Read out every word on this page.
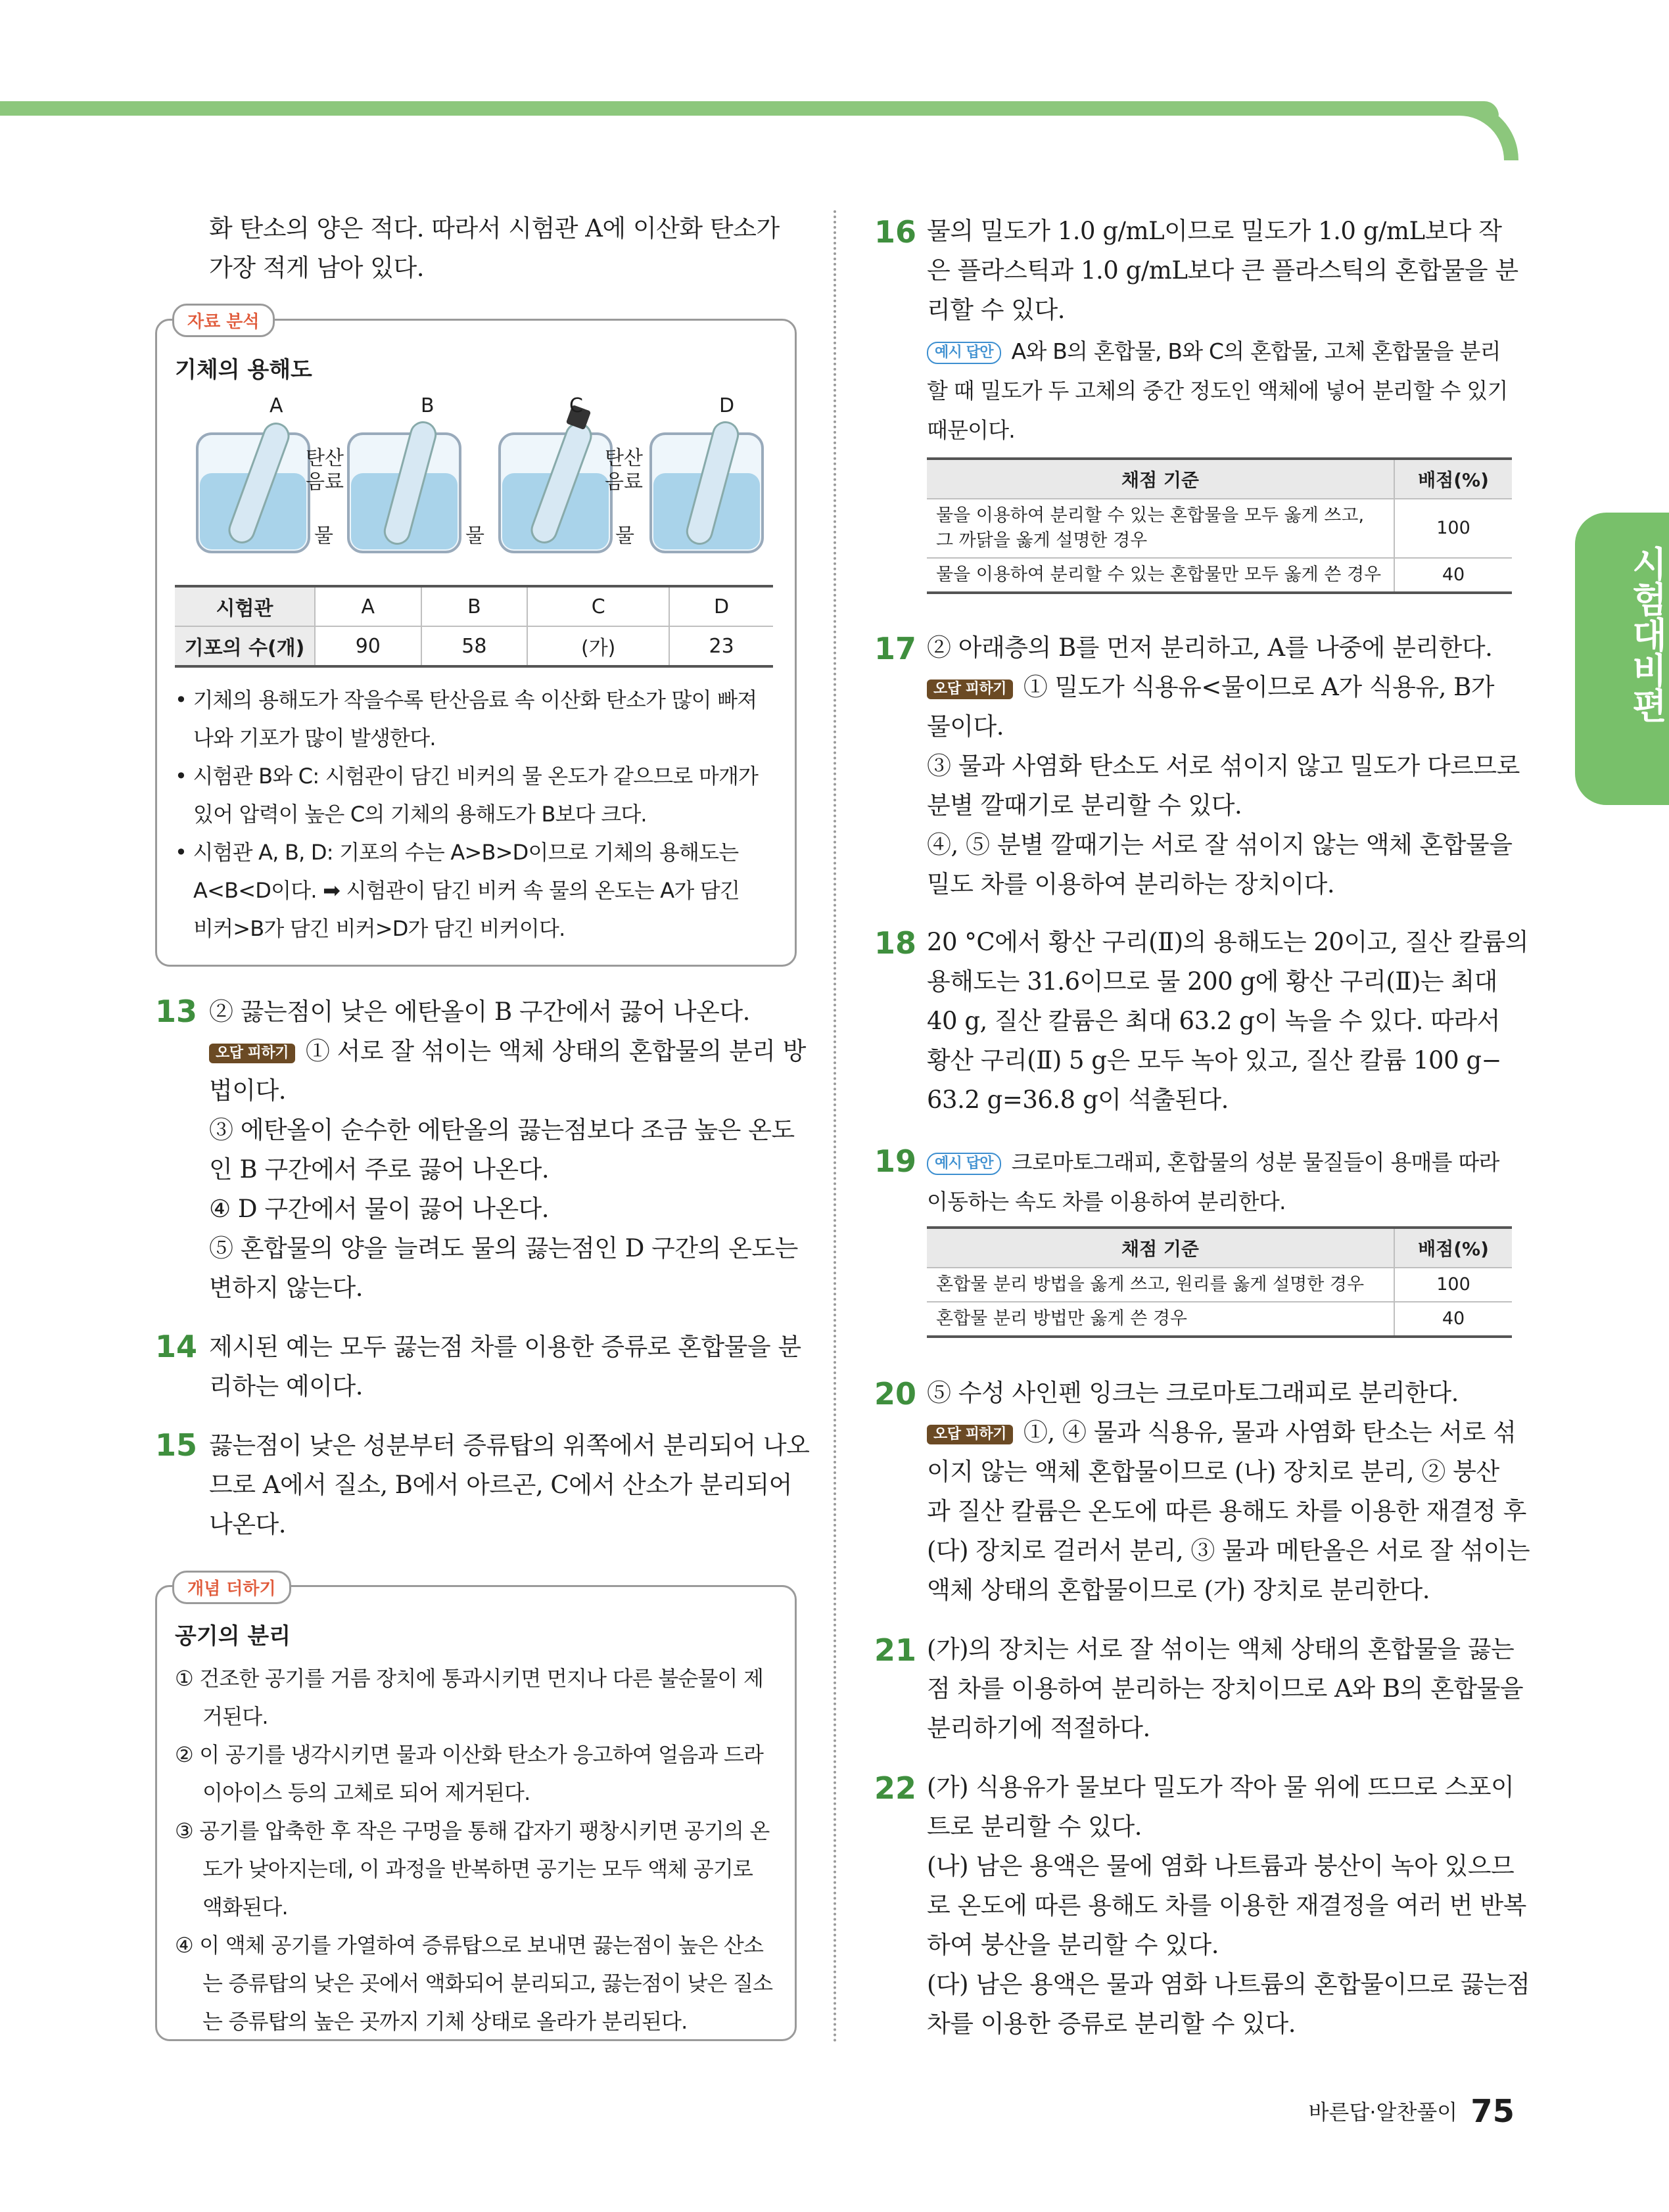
시험대비편
화 탄소의 양은 적다. 따라서 시험관 A에 이산화 탄소가
가장 적게 남아 있다.
자료 분석
기체의 용해도
A	B	C	D
탄산
음료
탄산
음료
물	물	물
시험관	A	B	C	D
기포의 수(개)	90	58	(가)	23
• 기체의 용해도가 작을수록 탄산음료 속 이산화 탄소가 많이 빠져
나와 기포가 많이 발생한다.
• 시험관 B와 C: 시험관이 담긴 비커의 물 온도가 같으므로 마개가
있어 압력이 높은 C의 기체의 용해도가 B보다 크다.
• 시험관 A, B, D: 기포의 수는 A>B>D이므로 기체의 용해도는
A<B<D이다. ➡ 시험관이 담긴 비커 속 물의 온도는 A가 담긴
비커>B가 담긴 비커>D가 담긴 비커이다.
13 ② 끓는점이 낮은 에탄올이 B 구간에서 끓어 나온다.
오답 피하기 ① 서로 잘 섞이는 액체 상태의 혼합물의 분리 방
법이다.
③ 에탄올이 순수한 에탄올의 끓는점보다 조금 높은 온도
인 B 구간에서 주로 끓어 나온다.
④ D 구간에서 물이 끓어 나온다.
⑤ 혼합물의 양을 늘려도 물의 끓는점인 D 구간의 온도는
변하지 않는다.
14 제시된 예는 모두 끓는점 차를 이용한 증류로 혼합물을 분
리하는 예이다.
15 끓는점이 낮은 성분부터 증류탑의 위쪽에서 분리되어 나오
므로 A에서 질소, B에서 아르곤, C에서 산소가 분리되어
나온다.
개념 더하기
공기의 분리
① 건조한 공기를 거름 장치에 통과시키면 먼지나 다른 불순물이 제
거된다.
② 이 공기를 냉각시키면 물과 이산화 탄소가 응고하여 얼음과 드라
이아이스 등의 고체로 되어 제거된다.
③ 공기를 압축한 후 작은 구멍을 통해 갑자기 팽창시키면 공기의 온
도가 낮아지는데, 이 과정을 반복하면 공기는 모두 액체 공기로
액화된다.
④ 이 액체 공기를 가열하여 증류탑으로 보내면 끓는점이 높은 산소
는 증류탑의 낮은 곳에서 액화되어 분리되고, 끓는점이 낮은 질소
는 증류탑의 높은 곳까지 기체 상태로 올라가 분리된다.
16 물의 밀도가 1.0 g/mL이므로 밀도가 1.0 g/mL보다 작
은 플라스틱과 1.0 g/mL보다 큰 플라스틱의 혼합물을 분
리할 수 있다.
예시 답안 A와 B의 혼합물, B와 C의 혼합물, 고체 혼합물을 분리
할 때 밀도가 두 고체의 중간 정도인 액체에 넣어 분리할 수 있기
때문이다.
채점 기준	배점(%)
물을 이용하여 분리할 수 있는 혼합물을 모두 옳게 쓰고, 그 까닭을 옳게 설명한 경우	100
물을 이용하여 분리할 수 있는 혼합물만 모두 옳게 쓴 경우	40
17 ② 아래층의 B를 먼저 분리하고, A를 나중에 분리한다.
오답 피하기 ① 밀도가 식용유<물이므로 A가 식용유, B가
물이다.
③ 물과 사염화 탄소도 서로 섞이지 않고 밀도가 다르므로
분별 깔때기로 분리할 수 있다.
④, ⑤ 분별 깔때기는 서로 잘 섞이지 않는 액체 혼합물을
밀도 차를 이용하여 분리하는 장치이다.
18 20 °C에서 황산 구리(Ⅱ)의 용해도는 20이고, 질산 칼륨의
용해도는 31.6이므로 물 200 g에 황산 구리(Ⅱ)는 최대
40 g, 질산 칼륨은 최대 63.2 g이 녹을 수 있다. 따라서
황산 구리(Ⅱ) 5 g은 모두 녹아 있고, 질산 칼륨 100 g−
63.2 g=36.8 g이 석출된다.
19	예시 답안 크로마토그래피, 혼합물의 성분 물질들이 용매를 따라
이동하는 속도 차를 이용하여 분리한다.
채점 기준	배점(%)
혼합물 분리 방법을 옳게 쓰고, 원리를 옳게 설명한 경우	100
혼합물 분리 방법만 옳게 쓴 경우	40
20 ⑤ 수성 사인펜 잉크는 크로마토그래피로 분리한다.
오답 피하기 ①, ④ 물과 식용유, 물과 사염화 탄소는 서로 섞
이지 않는 액체 혼합물이므로 (나) 장치로 분리, ② 붕산
과 질산 칼륨은 온도에 따른 용해도 차를 이용한 재결정 후
(다) 장치로 걸러서 분리, ③ 물과 메탄올은 서로 잘 섞이는
액체 상태의 혼합물이므로 (가) 장치로 분리한다.
21 (가)의 장치는 서로 잘 섞이는 액체 상태의 혼합물을 끓는
점 차를 이용하여 분리하는 장치이므로 A와 B의 혼합물을
분리하기에 적절하다.
22 (가) 식용유가 물보다 밀도가 작아 물 위에 뜨므로 스포이
트로 분리할 수 있다.
(나) 남은 용액은 물에 염화 나트륨과 붕산이 녹아 있으므
로 온도에 따른 용해도 차를 이용한 재결정을 여러 번 반복
하여 붕산을 분리할 수 있다.
(다) 남은 용액은 물과 염화 나트륨의 혼합물이므로 끓는점
차를 이용한 증류로 분리할 수 있다.
바른답·알찬풀이 75
